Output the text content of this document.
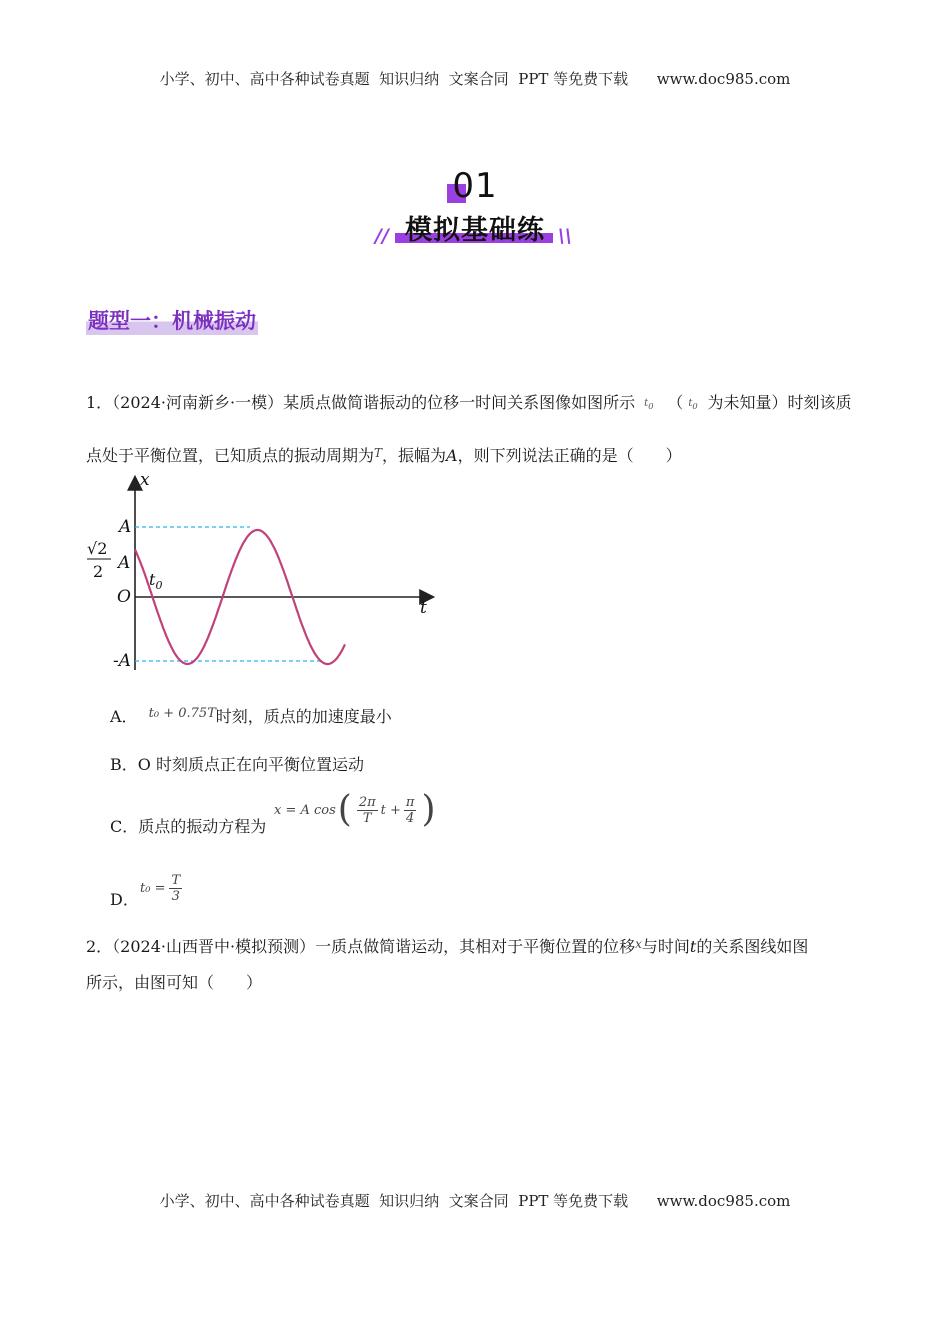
小学、初中、高中各种试卷真题  知识归纳  文案合同  PPT 等免费下载      www.doc985.com
01
//	\\
模拟基础练
题型一：机械振动
1．（2024·河南新乡·一模）某质点做简谐振动的位移一时间关系图像如图所示 $t_0$ （ $t_0$ 为未知量）时刻该质
点处于平衡位置，已知质点的振动周期为$^T$，振幅为A，则下列说法正确的是（　　）
x
t
O
A
-A
√2
2 A
$t_0$
A． t₀ + 0.75T 时刻，质点的加速度最小
B．O 时刻质点正在向平衡位置运动
C．质点的振动方程为
x = A cos ( 2π
T
$t + \frac{\pi}{4}$ )
D．
$t_0 = \frac{T}{3}$
2．（2024·山西晋中·模拟预测）一质点做简谐运动，其相对于平衡位置的位移$^x$与时间t的关系图线如图
所示，由图可知（　　）
小学、初中、高中各种试卷真题  知识归纳  文案合同  PPT 等免费下载      www.doc985.com
